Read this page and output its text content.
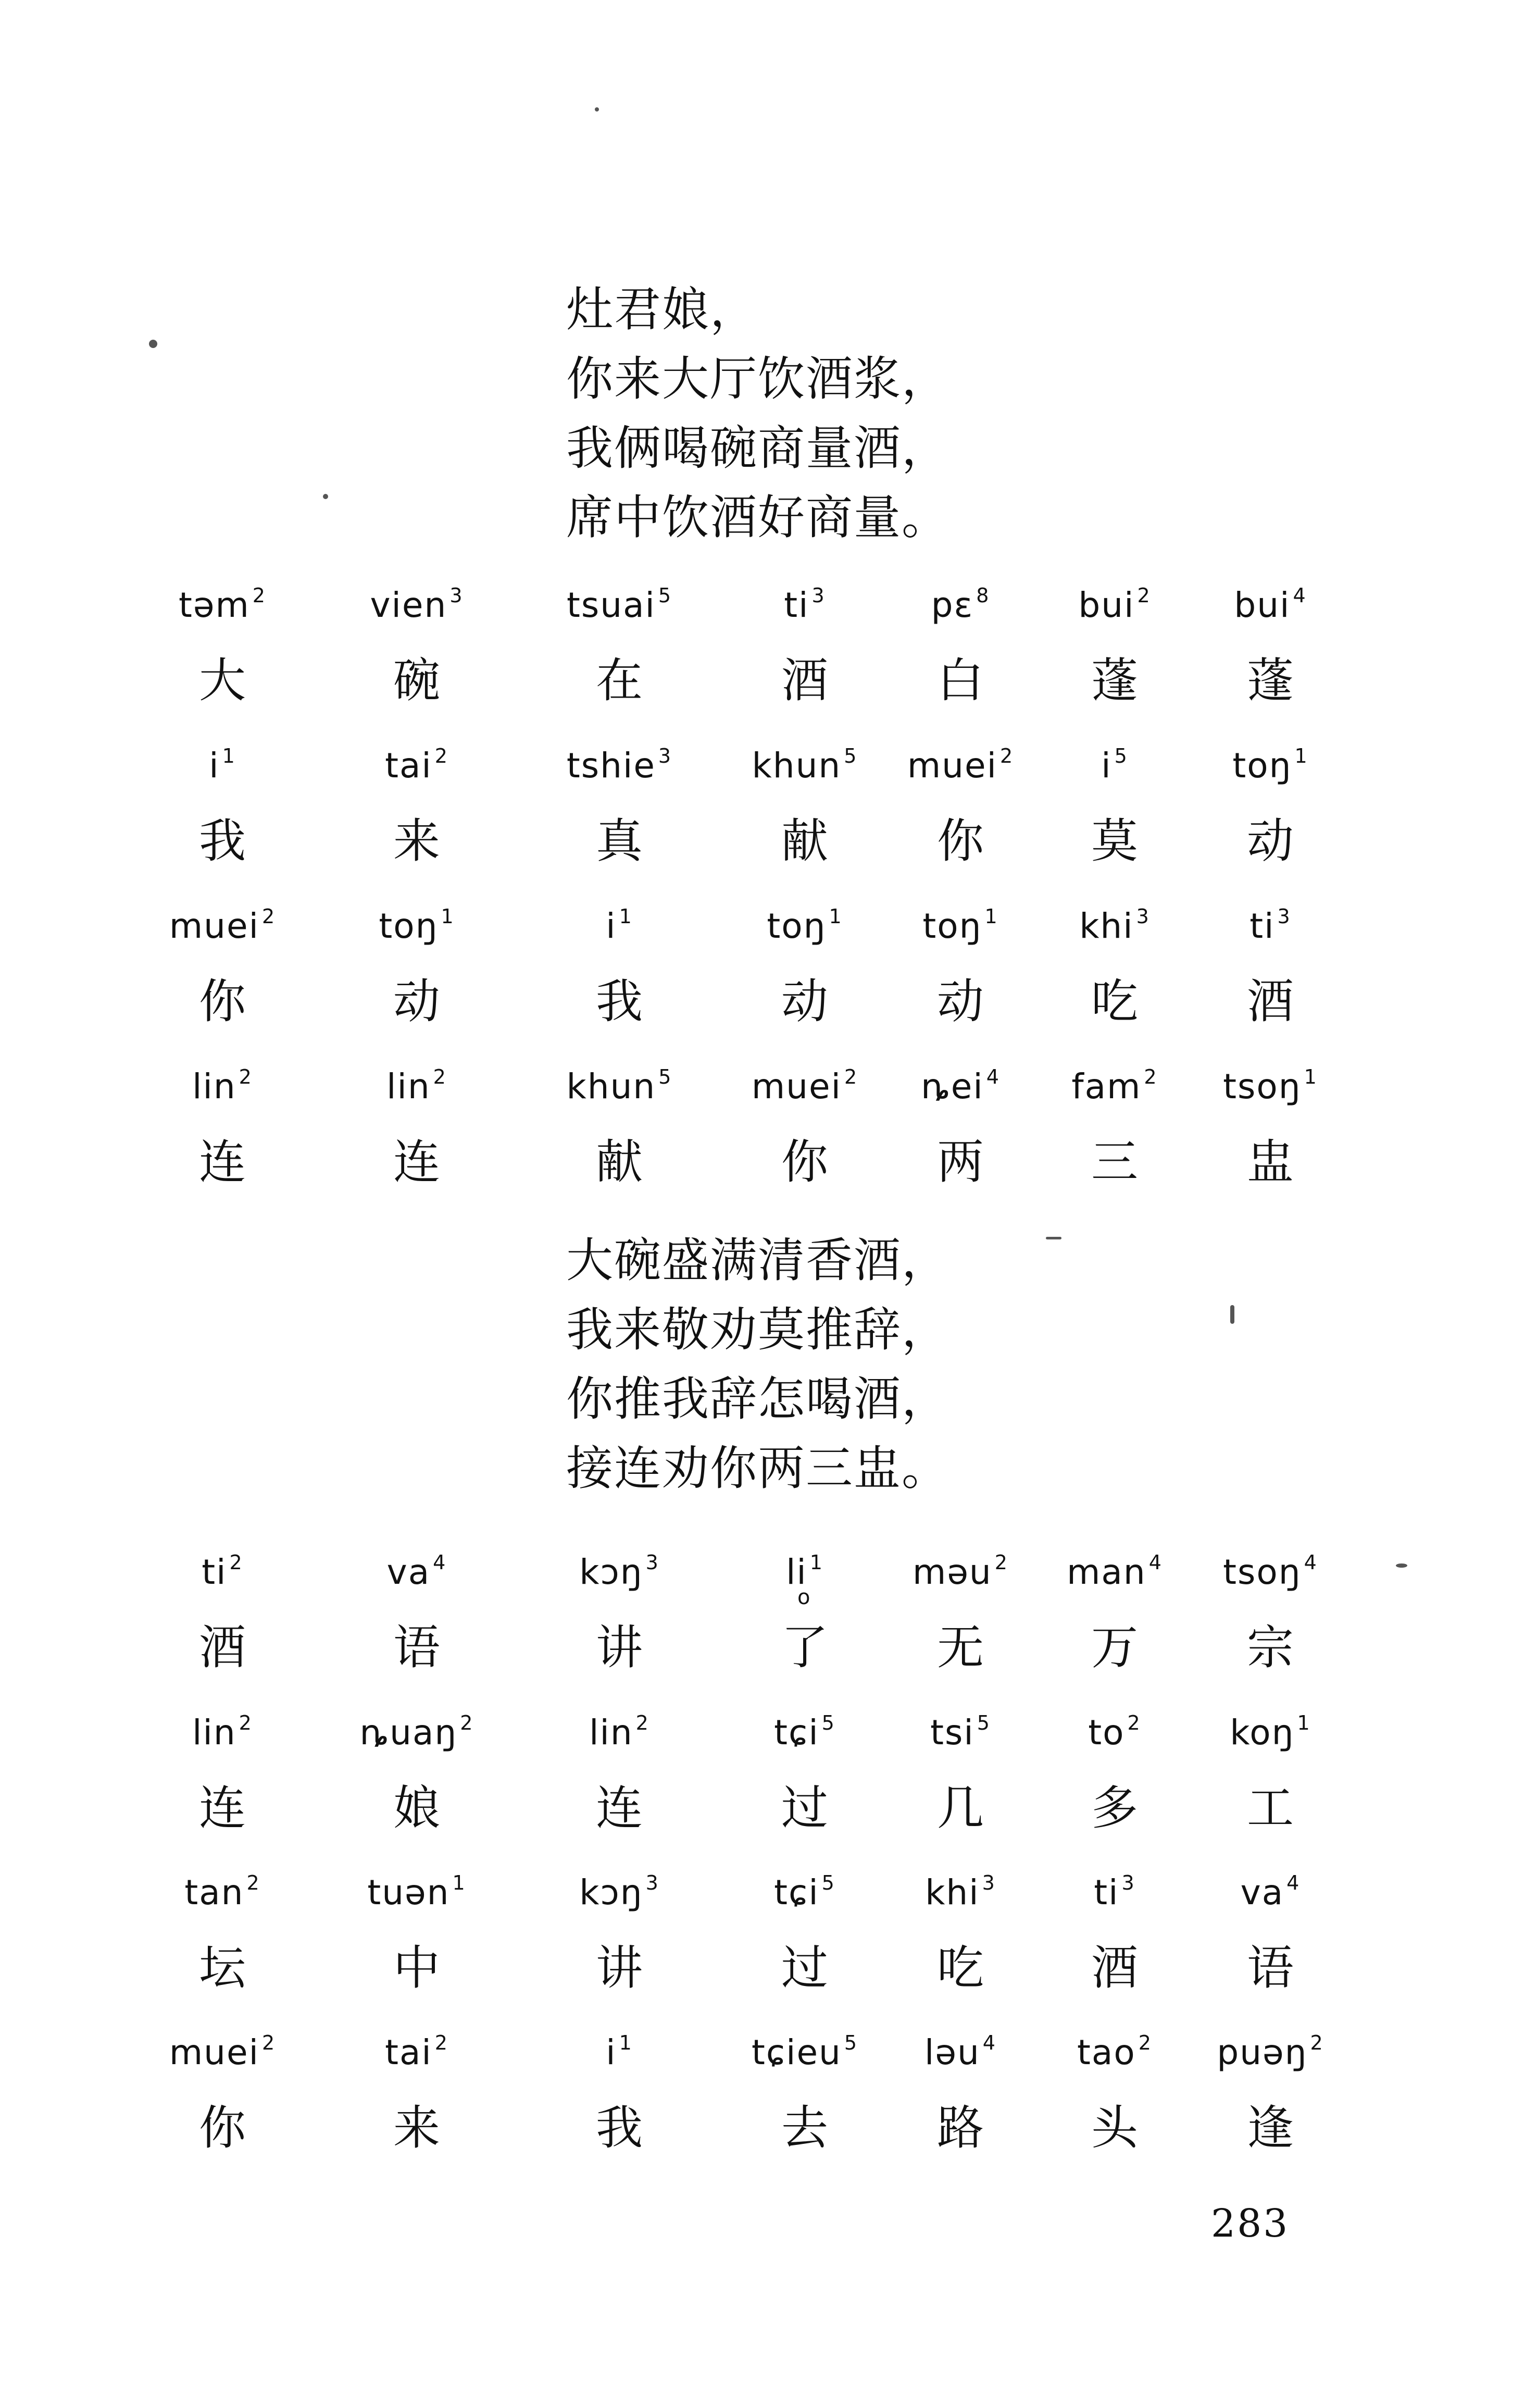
灶君娘，
你来大厅饮酒浆，
我俩喝碗商量酒，
席中饮酒好商量。
大碗盛满清香酒，
我来敬劝莫推辞，
你推我辞怎喝酒，
接连劝你两三盅。
təm $^2$	vien $^3$	tsuai $^5$	ti $^3$	pɛ $^8$	bui $^2$ bui $^4$
大	碗	在	酒 白 蓬 蓬
i $^1$	tai $^2$	tshie $^3$ khun $^5$ muei $^2$	i $^5$	toŋ $^1$
我	来	真	献 你 莫 动
muei $^2$	toŋ $^1$	i $^1$	toŋ $^1$ toŋ $^1$ khi $^3$	ti $^3$
你	动	我	动 动 吃 酒
lin $^2$	lin $^2$	khun $^5$ muei $^2$ ȵei $^4$ fam $^2$ tsoŋ $^1$
连	连	献	你 两 三 盅
ti $^2$	va $^4$	kɔŋ $^3$	li $^1$	məu $^2$ man $^4$ tsoŋ $^4$
酒	语	讲	了 无 万 宗
lin $^2$	ȵuaŋ $^2$	lin $^2$	tɕi $^5$	tsi $^5$	to $^2$	koŋ $^1$
连	娘	连	过 几 多 工
tan $^2$	tuən $^1$	kɔŋ $^3$	tɕi $^5$	khi $^3$	ti $^3$	va $^4$
坛	中	讲	过 吃 酒 语
muei $^2$	tai $^2$	i $^1$	tɕieu $^5$ ləu $^4$ tao $^2$ puəŋ $^2$
你	来	我	去 路 头 逢
o
283
